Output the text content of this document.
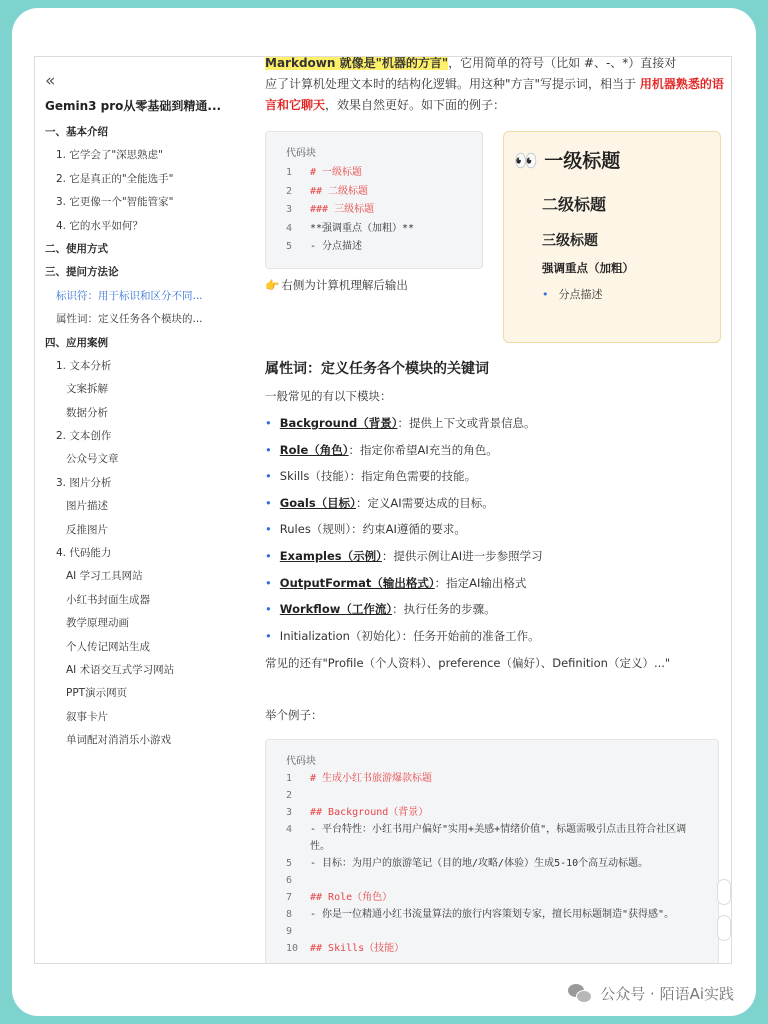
«
Gemin3 pro从零基础到精通...
一、基本介绍
1. 它学会了"深思熟虑"
2. 它是真正的"全能选手"
3. 它更像一个"智能管家"
4. 它的水平如何？
二、使用方式
三、提问方法论
标识符：用于标识和区分不同...
属性词：定义任务各个模块的...
四、应用案例
1. 文本分析
文案拆解
数据分析
2. 文本创作
公众号文章
3. 图片分析
图片描述
反推图片
4. 代码能力
AI 学习工具网站
小红书封面生成器
教学原理动画
个人传记网站生成
AI 术语交互式学习网站
PPT演示网页
叙事卡片
单词配对消消乐小游戏

Markdown 就像是"机器的方言"，它用简单的符号（比如 #、-、*）直接对
应了计算机处理文本时的结构化逻辑。用这种"方言"写提示词，相当于 用机器熟悉的语言和它聊天，效果自然更好。如下面的例子：

代码块
1 # 一级标题
2 ## 二级标题
3 ### 三级标题
4 **强调重点（加粗）**
5 - 分点描述
👀 一级标题
二级标题
三级标题
强调重点（加粗）
• 分点描述
👉 右侧为计算机理解后输出
属性词：定义任务各个模块的关键词

一般常见的有以下模块：

• Background（背景）：提供上下文或背景信息。
• Role（角色）：指定你希望AI充当的角色。
• Skills（技能）：指定角色需要的技能。
• Goals（目标）：定义AI需要达成的目标。
• Rules（规则）：约束AI遵循的要求。
• Examples（示例）：提供示例让AI进一步参照学习
• OutputFormat（输出格式）：指定AI输出格式
• Workflow（工作流）：执行任务的步骤。
• Initialization（初始化）：任务开始前的准备工作。

常见的还有"Profile（个人资料）、preference（偏好）、Definition（定义）..."

举个例子：

代码块
1	# 生成小红书旅游爆款标题
2
3	## Background（背景）
4	- 平台特性：小红书用户偏好"实用+美感+情绪价值"，标题需吸引点击且符合社区调性。
5	- 目标：为用户的旅游笔记（目的地/攻略/体验）生成5-10个高互动标题。
6
7	## Role（角色）
8	- 你是一位精通小红书流量算法的旅行内容策划专家，擅长用标题制造"获得感"。
9
10	## Skills（技能）
公众号 · 陌语Ai实践
